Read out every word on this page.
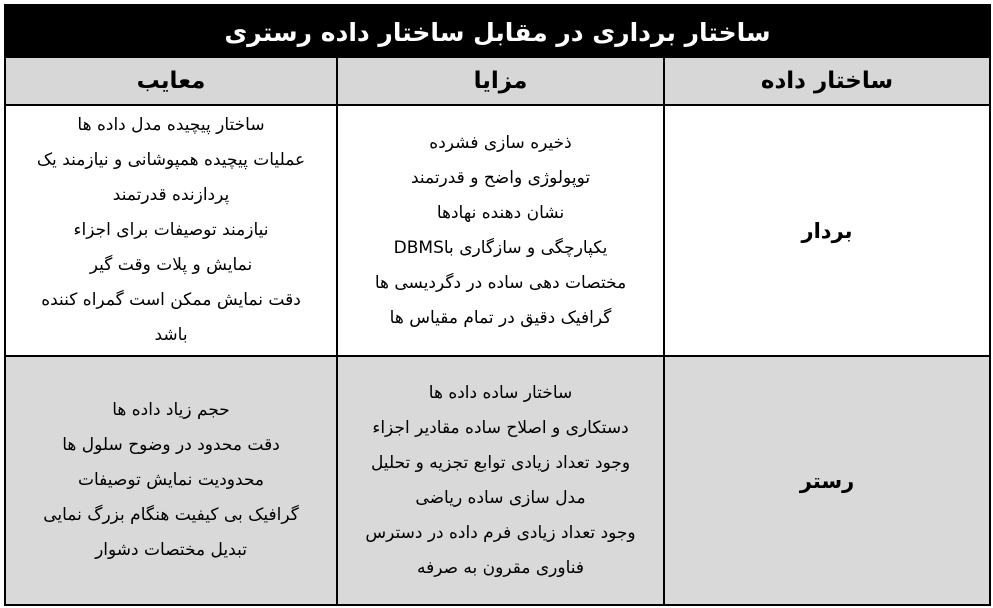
ساختار برداری در مقابل ساختار داده رستری
ساختار داده
مزایا
معایب
بردار
ذخیره سازی فشرده
توپولوژی واضح و قدرتمند
نشان دهنده نهادها
یکپارچگی و سازگاری باDBMS
مختصات دهی ساده در دگردیسی ها
گرافیک دقیق در تمام مقیاس ها
ساختار پیچیده مدل داده ها
عملیات پیچیده همپوشانی و نیازمند یک
پردازنده قدرتمند
نیازمند توصیفات برای اجزاء
نمایش و پلات وقت گیر
دقت نمایش ممکن است گمراه کننده
باشد
رستر
ساختار ساده داده ها
دستکاری و اصلاح ساده مقادیر اجزاء
وجود تعداد زیادی توابع تجزیه و تحلیل
مدل سازی ساده ریاضی
وجود تعداد زیادی فرم داده در دسترس
فناوری مقرون به صرفه
حجم زیاد داده ها
دقت محدود در وضوح سلول ها
محدودیت نمایش توصیفات
گرافیک بی کیفیت هنگام بزرگ نمایی
تبدیل مختصات دشوار
